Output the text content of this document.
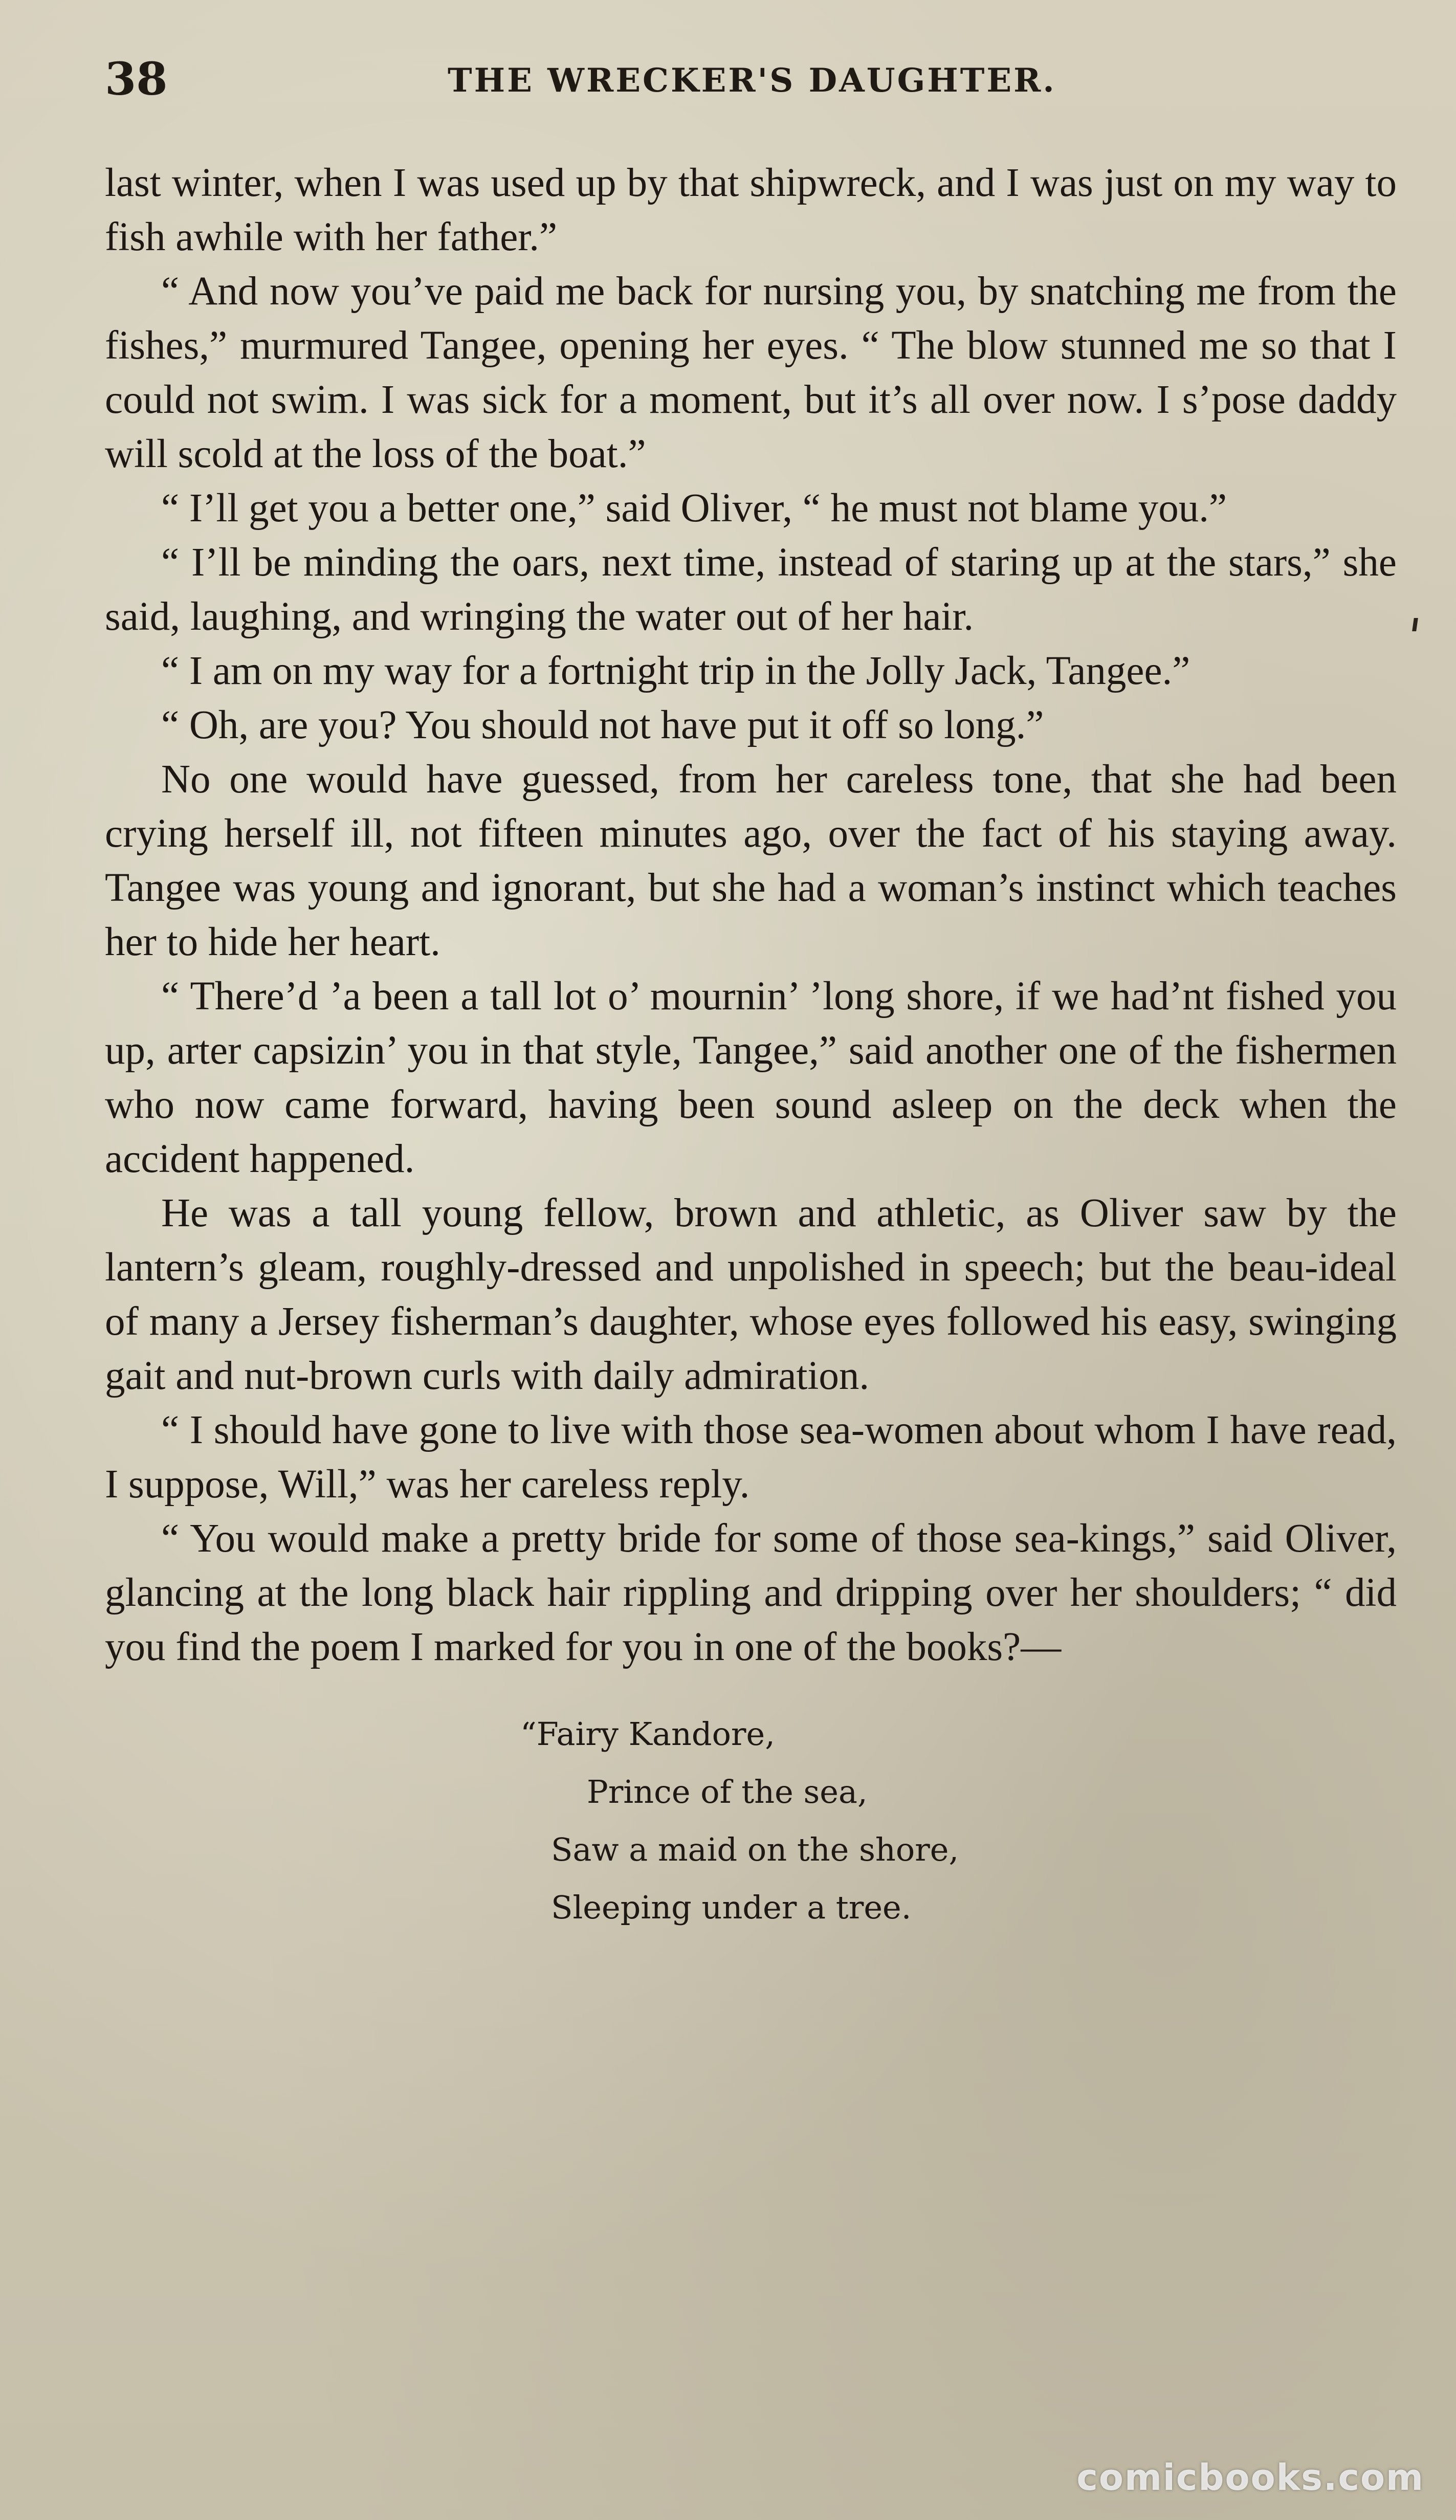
38	THE WRECKER'S DAUGHTER.

last winter, when I was used up by that shipwreck, and I was just on my way to fish awhile with her father.”

“ And now you’ve paid me back for nursing you, by snatching me from the fishes,” murmured Tangee, opening her eyes. “ The blow stunned me so that I could not swim. I was sick for a moment, but it’s all over now. I s’pose daddy will scold at the loss of the boat.”

“ I’ll get you a better one,” said Oliver, “ he must not blame you.”

“ I’ll be minding the oars, next time, instead of staring up at the stars,” she said, laughing, and wringing the water out of her hair.

“ I am on my way for a fortnight trip in the Jolly Jack, Tangee.”

“ Oh, are you? You should not have put it off so long.”

No one would have guessed, from her careless tone, that she had been crying herself ill, not fifteen minutes ago, over the fact of his staying away. Tangee was young and ignorant, but she had a woman’s instinct which teaches her to hide her heart.

“ There’d ’a been a tall lot o’ mournin’ ’long shore, if we had’nt fished you up, arter capsizin’ you in that style, Tangee,” said another one of the fishermen who now came forward, having been sound asleep on the deck when the accident happened.

He was a tall young fellow, brown and athletic, as Oliver saw by the lantern’s gleam, roughly-dressed and unpolished in speech; but the beau-ideal of many a Jersey fisherman’s daughter, whose eyes followed his easy, swinging gait and nut-brown curls with daily admiration.

“ I should have gone to live with those sea-women about whom I have read, I suppose, Will,” was her careless reply.

“ You would make a pretty bride for some of those sea-kings,” said Oliver, glancing at the long black hair rippling and dripping over her shoulders; “ did you find the poem I marked for you in one of the books?—

“Fairy Kandore,
Prince of the sea,
Saw a maid on the shore,
Sleeping under a tree.
comicbooks.com
